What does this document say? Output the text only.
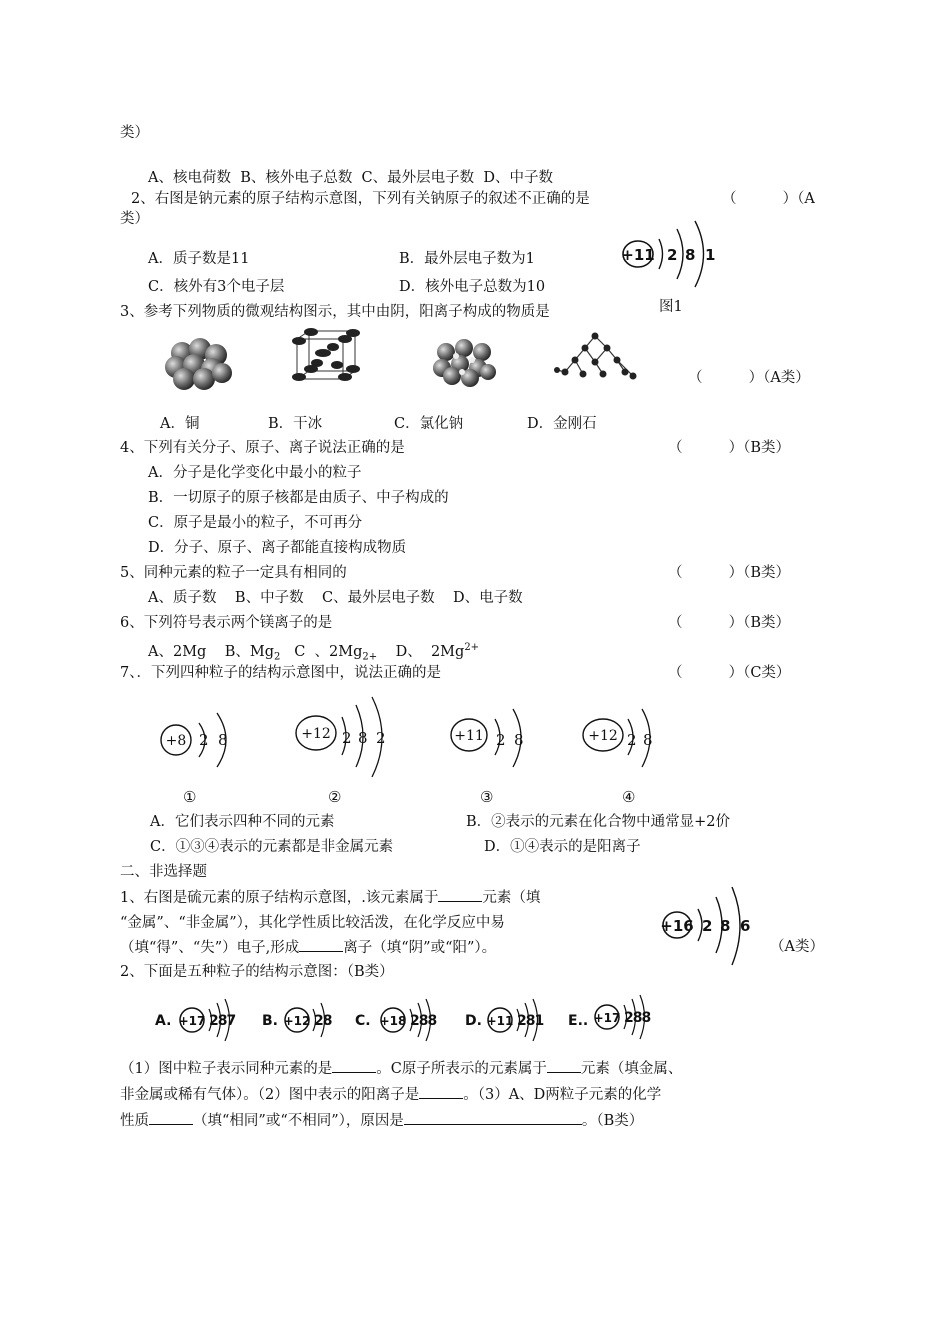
类）
A、核电荷数  B、核外电子总数  C、最外层电子数  D、中子数
2、右图是钠元素的原子结构示意图，下列有关钠原子的叙述不正确的是	（          ）（A
类）
A．质子数是11	B．最外层电子数为1
C．核外有3个电子层	D．核外电子总数为10
+11 2 8 1
3、参考下列物质的微观结构图示，其中由阴，阳离子构成的物质是	图1
（          ）（A类）
A．铜	B．干冰	C．氯化钠	D．金刚石
4、下列有关分子、原子、离子说法正确的是	（          ）（B类）
A．分子是化学变化中最小的粒子
B．一切原子的原子核都是由质子、中子构成的
C．原子是最小的粒子，不可再分
D．分子、原子、离子都能直接构成物质
5、同种元素的粒子一定具有相同的	（          ）（B类）
A、质子数    B、中子数    C、最外层电子数    D、电子数
6、下列符号表示两个镁离子的是	（          ）（B类）
A、2Mg    B、$Mg_2$   C  、$2Mg_{2+}$    D、  $2Mg^{2+}$
7、．下列四种粒子的结构示意图中，说法正确的是	（          ）（C类）
+8 2 8	+12 2 8 2	+11 2 8	+12 2 8
①	②	③	④
A．它们表示四种不同的元素	B．②表示的元素在化合物中通常显+2价
C．①③④表示的元素都是非金属元素	D．①④表示的是阳离子
二、非选择题
1、右图是硫元素的原子结构示意图，.该元素属于	元素（填
“金属”、“非金属”），其化学性质比较活泼，在化学反应中易
（填“得”、“失”）电子,形成	离子（填“阴”或“阳”）。	（A类）
+16 2 8 6
2、下面是五种粒子的结构示意图：（B类）
A. +17 287 B. +12 28 C. +18 288 D. +11 281 E.. +17 288
（1）图中粒子表示同种元素的是	。C原子所表示的元素属于 元素（填金属、
非金属或稀有气体）。（2）图中表示的阳离子是	。（3）A、D两粒子元素的化学
性质	（填“相同”或“不相同”），原因是	。（B类）
